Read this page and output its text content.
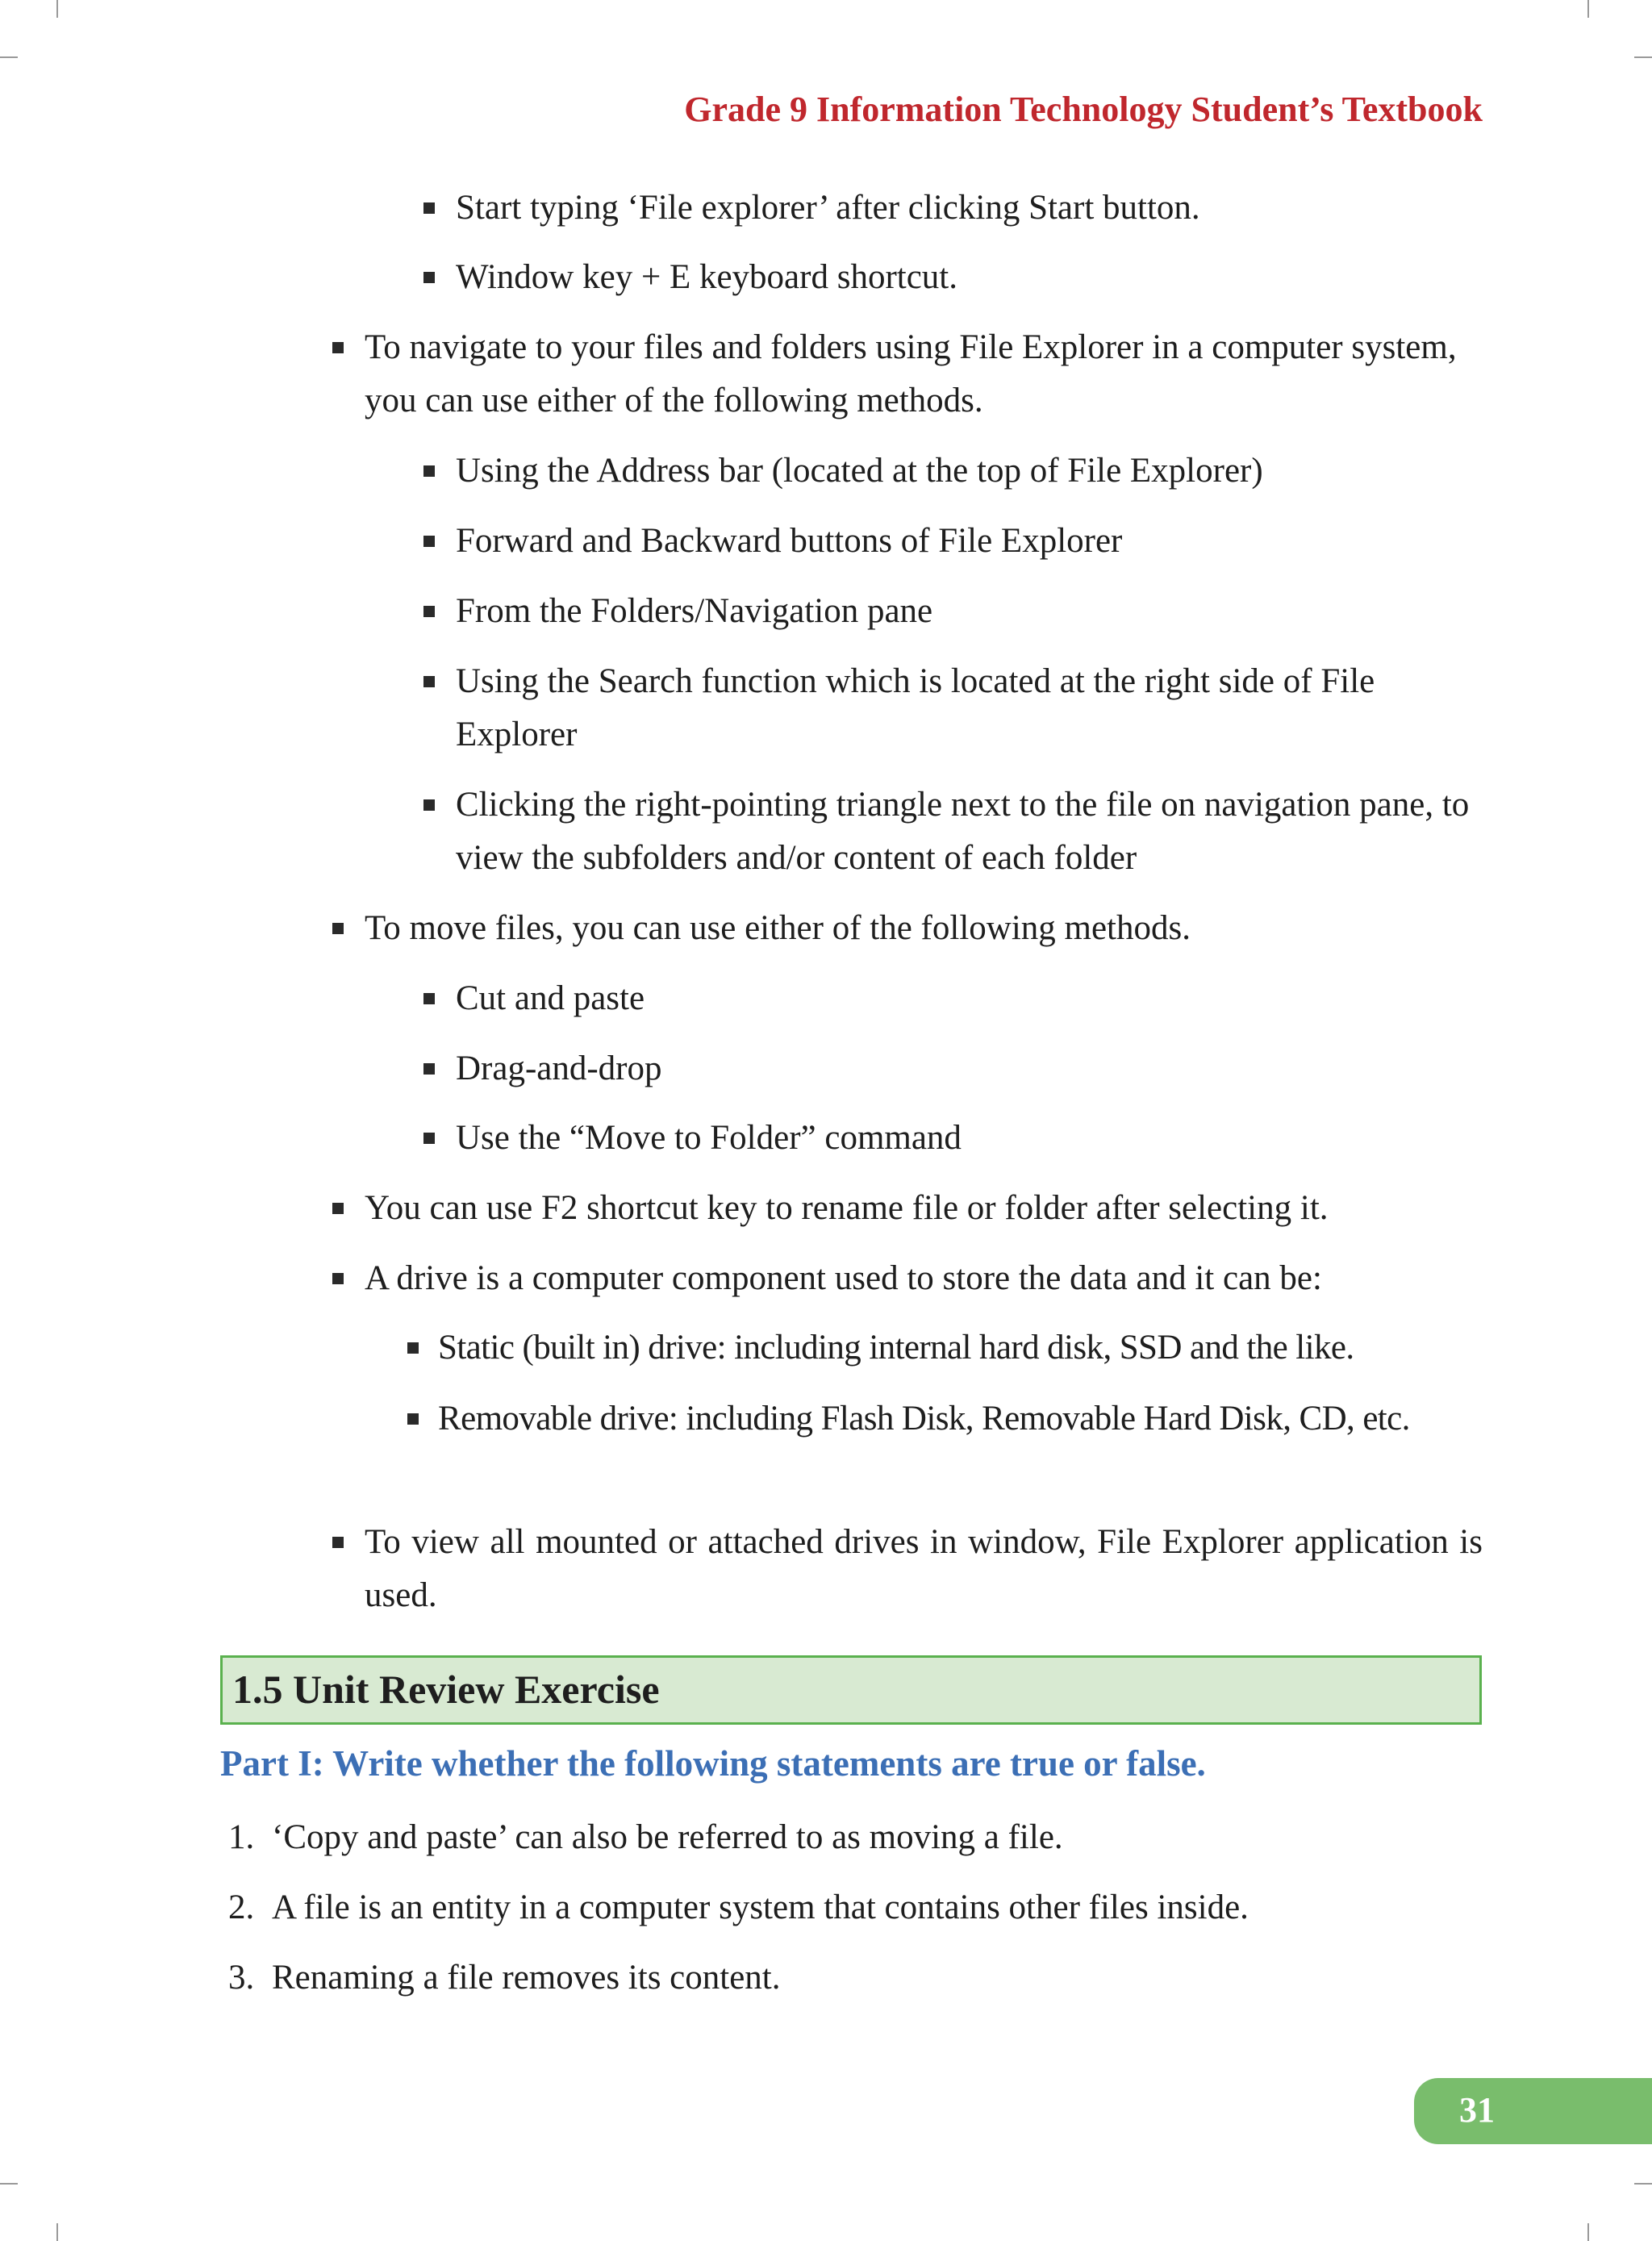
Grade 9 Information Technology Student’s Textbook
Start typing ‘File explorer’ after clicking Start button.
Window key + E keyboard shortcut.
To navigate to your files and folders using File Explorer in a computer system, you can use either of the following methods.
Using the Address bar (located at the top of File Explorer)
Forward and Backward buttons of File Explorer
From the Folders/Navigation pane
Using the Search function which is located at the right side of File Explorer
Clicking the right-pointing triangle next to the file on navigation pane, to view the subfolders and/or content of each folder
To move files, you can use either of the following methods.
Cut and paste
Drag-and-drop
Use the “Move to Folder” command
You can use F2 shortcut key to rename file or folder after selecting it.
A drive is a computer component used to store the data and it can be:
Static (built in) drive: including internal hard disk, SSD and the like.
Removable drive: including Flash Disk, Removable Hard Disk, CD, etc.
To view all mounted or attached drives in window, File Explorer application is used.
1.5 Unit Review Exercise
Part I: Write whether the following statements are true or false.
1. ‘Copy and paste’ can also be referred to as moving a file.
2. A file is an entity in a computer system that contains other files inside.
3. Renaming a file removes its content.
31
